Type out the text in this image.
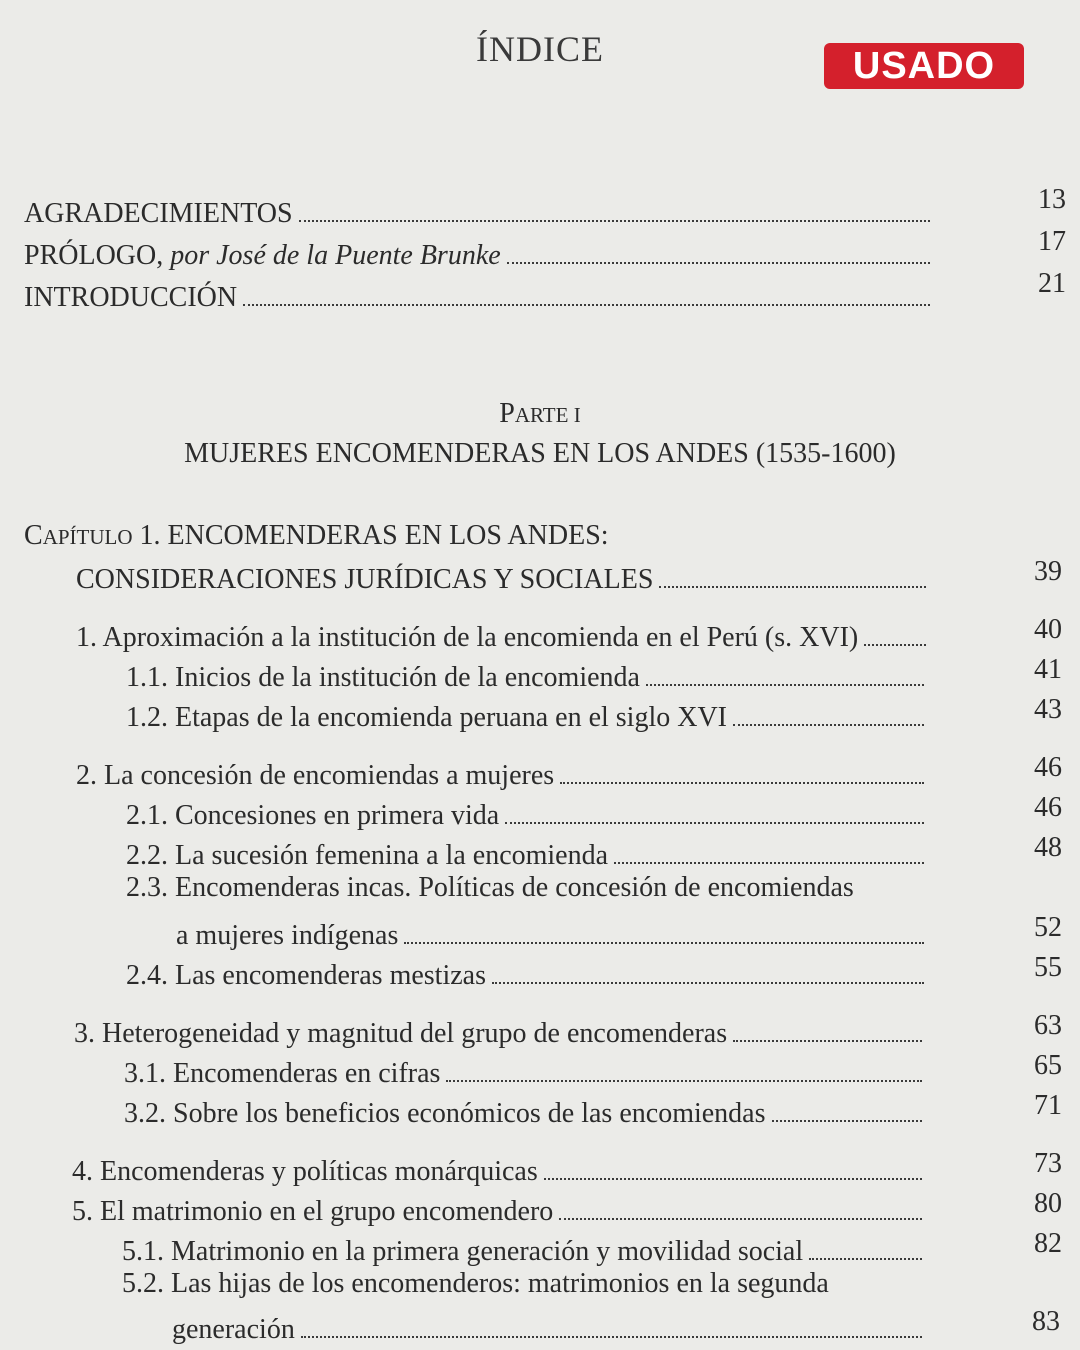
ÍNDICE	USADO
AGRADECIMIENTOS	13
PRÓLOGO, por José de la Puente Brunke	17
INTRODUCCIÓN	21
PARTE I
MUJERES ENCOMENDERAS EN LOS ANDES (1535-1600)
CAPÍTULO 1. ENCOMENDERAS EN LOS ANDES:
CONSIDERACIONES JURÍDICAS Y SOCIALES	39
1. Aproximación a la institución de la encomienda en el Perú (s. XVI)	40
1.1. Inicios de la institución de la encomienda	41
1.2. Etapas de la encomienda peruana en el siglo XVI	43
2. La concesión de encomiendas a mujeres	46
2.1. Concesiones en primera vida	46
2.2. La sucesión femenina a la encomienda	48
2.3. Encomenderas incas. Políticas de concesión de encomiendas
a mujeres indígenas	52
2.4. Las encomenderas mestizas	55
3. Heterogeneidad y magnitud del grupo de encomenderas	63
3.1. Encomenderas en cifras	65
3.2. Sobre los beneficios económicos de las encomiendas	71
4. Encomenderas y políticas monárquicas	73
5. El matrimonio en el grupo encomendero	80
5.1. Matrimonio en la primera generación y movilidad social	82
5.2. Las hijas de los encomenderos: matrimonios en la segunda
generación	83
